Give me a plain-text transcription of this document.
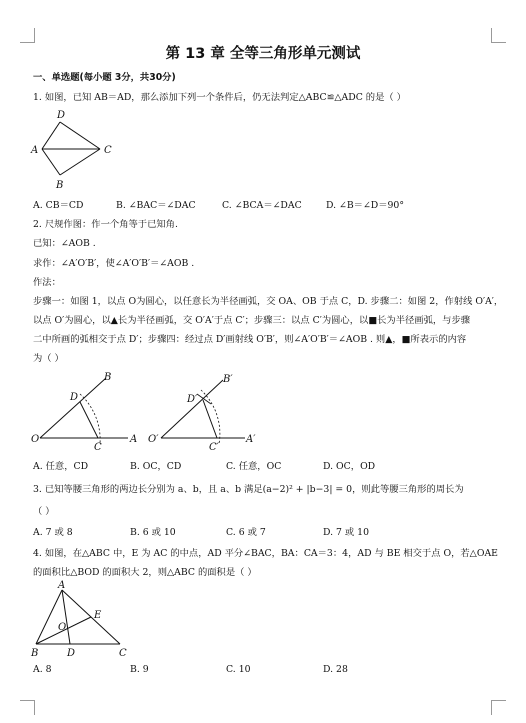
第 13 章 全等三角形单元测试
一、单选题(每小题 3分，共30分)
1. 如图，已知 AB＝AD，那么添加下列一个条件后，仍无法判定△ABC≌△ADC 的是（ ）
D
A	C
B
A. CB＝CD	B. ∠BAC＝∠DAC	C. ∠BCA＝∠DAC	D. ∠B＝∠D＝90°
2. 尺规作图：作一个角等于已知角.
已知：∠AOB .
求作：∠A′O′B′，使∠A′O′B′＝∠AOB .
作法：
步骤一：如图 1，以点 O为圆心，以任意长为半径画弧，交 OA、OB 于点 C，D. 步骤二：如图 2，作射线 O′A′，
以点 O′为圆心，以▲长为半径画弧，交 O′A′于点 C′；步骤三：以点 C′为圆心，以■长为半径画弧，与步骤
二中所画的弧相交于点 D′；步骤四：经过点 D′画射线 O′B′，则∠A′O′B′＝∠AOB . 则▲，■所表示的内容
为（ ）
B
D
O
C
A
B′
D′
O′
C′
A′
A. 任意，CD	B. OC，CD	C. 任意，OC	D. OC，OD
3. 已知等腰三角形的两边长分别为 a、b，且 a、b 满足(a−2)² + |b−3| = 0，则此等腰三角形的周长为
（ ）
A. 7 或 8	B. 6 或 10	C. 6 或 7	D. 7 或 10
4. 如图，在△ABC 中，E 为 AC 的中点，AD 平分∠BAC，BA：CA＝3：4，AD 与 BE 相交于点 O，若△OAE
的面积比△BOD 的面积大 2，则△ABC 的面积是（ ）
A
E
O
B	D	C
A. 8	B. 9	C. 10	D. 28
